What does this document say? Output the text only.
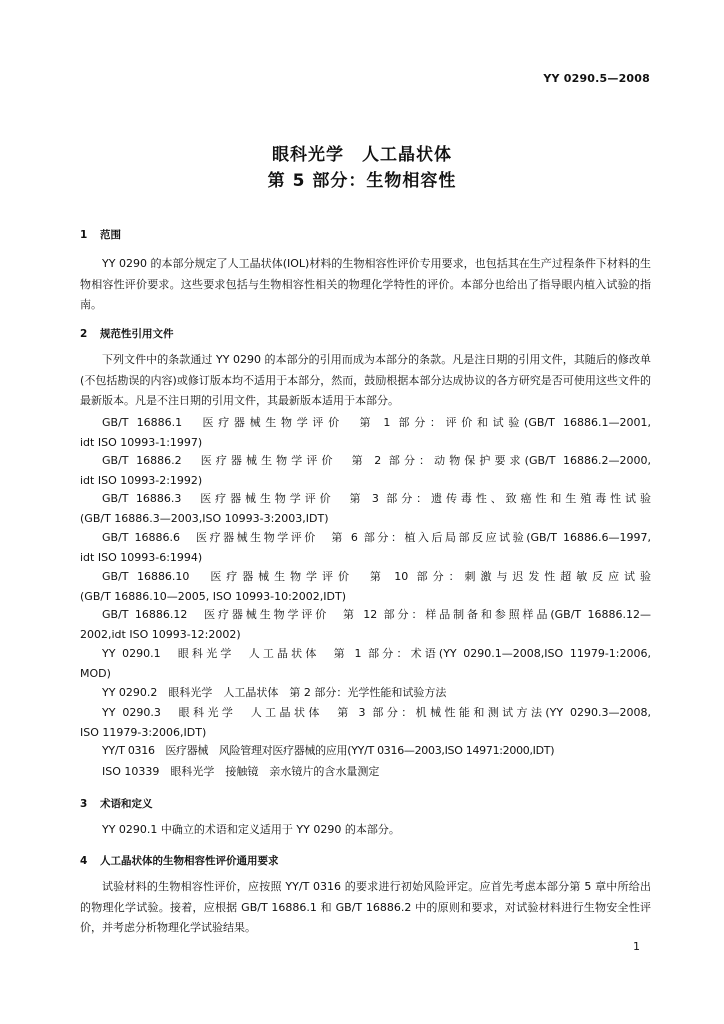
YY 0290.5—2008
眼科光学　人工晶状体
第 5 部分：生物相容性
1 范围
YY 0290 的本部分规定了人工晶状体(IOL)材料的生物相容性评价专用要求，也包括其在生产过程条件下材料的生物相容性评价要求。这些要求包括与生物相容性相关的物理化学特性的评价。本部分也给出了指导眼内植入试验的指南。
2 规范性引用文件
下列文件中的条款通过 YY 0290 的本部分的引用而成为本部分的条款。凡是注日期的引用文件，其随后的修改单(不包括勘误的内容)或修订版本均不适用于本部分，然而，鼓励根据本部分达成协议的各方研究是否可使用这些文件的最新版本。凡是不注日期的引用文件，其最新版本适用于本部分。
GB/T 16886.1　医疗器械生物学评价　第 1 部分：评价和试验(GB/T 16886.1—2001,
idt ISO 10993-1:1997)
GB/T 16886.2　医疗器械生物学评价　第 2 部分：动物保护要求(GB/T 16886.2—2000,
idt ISO 10993-2:1992)
GB/T 16886.3　医疗器械生物学评价　第 3 部分：遗传毒性、致癌性和生殖毒性试验
(GB/T 16886.3—2003,ISO 10993-3:2003,IDT)
GB/T 16886.6　医疗器械生物学评价　第 6 部分：植入后局部反应试验(GB/T 16886.6—1997,
idt ISO 10993-6:1994)
GB/T 16886.10　医疗器械生物学评价　第 10 部分：刺激与迟发性超敏反应试验
(GB/T 16886.10—2005, ISO 10993-10:2002,IDT)
GB/T 16886.12　医疗器械生物学评价　第 12 部分：样品制备和参照样品(GB/T 16886.12—
2002,idt ISO 10993-12:2002)
YY 0290.1　眼科光学　人工晶状体　第 1 部分：术语(YY 0290.1—2008,ISO 11979-1:2006,
MOD)
YY 0290.2　眼科光学　人工晶状体　第 2 部分：光学性能和试验方法
YY 0290.3　眼科光学　人工晶状体　第 3 部分：机械性能和测试方法(YY 0290.3—2008,
ISO 11979-3:2006,IDT)
YY/T 0316　医疗器械　风险管理对医疗器械的应用(YY/T 0316—2003,ISO 14971:2000,IDT)
ISO 10339　眼科光学　接触镜　亲水镜片的含水量测定
3 术语和定义
YY 0290.1 中确立的术语和定义适用于 YY 0290 的本部分。
4 人工晶状体的生物相容性评价通用要求
试验材料的生物相容性评价，应按照 YY/T 0316 的要求进行初始风险评定。应首先考虑本部分第 5 章中所给出的物理化学试验。接着，应根据 GB/T 16886.1 和 GB/T 16886.2 中的原则和要求，对试验材料进行生物安全性评价，并考虑分析物理化学试验结果。
1
